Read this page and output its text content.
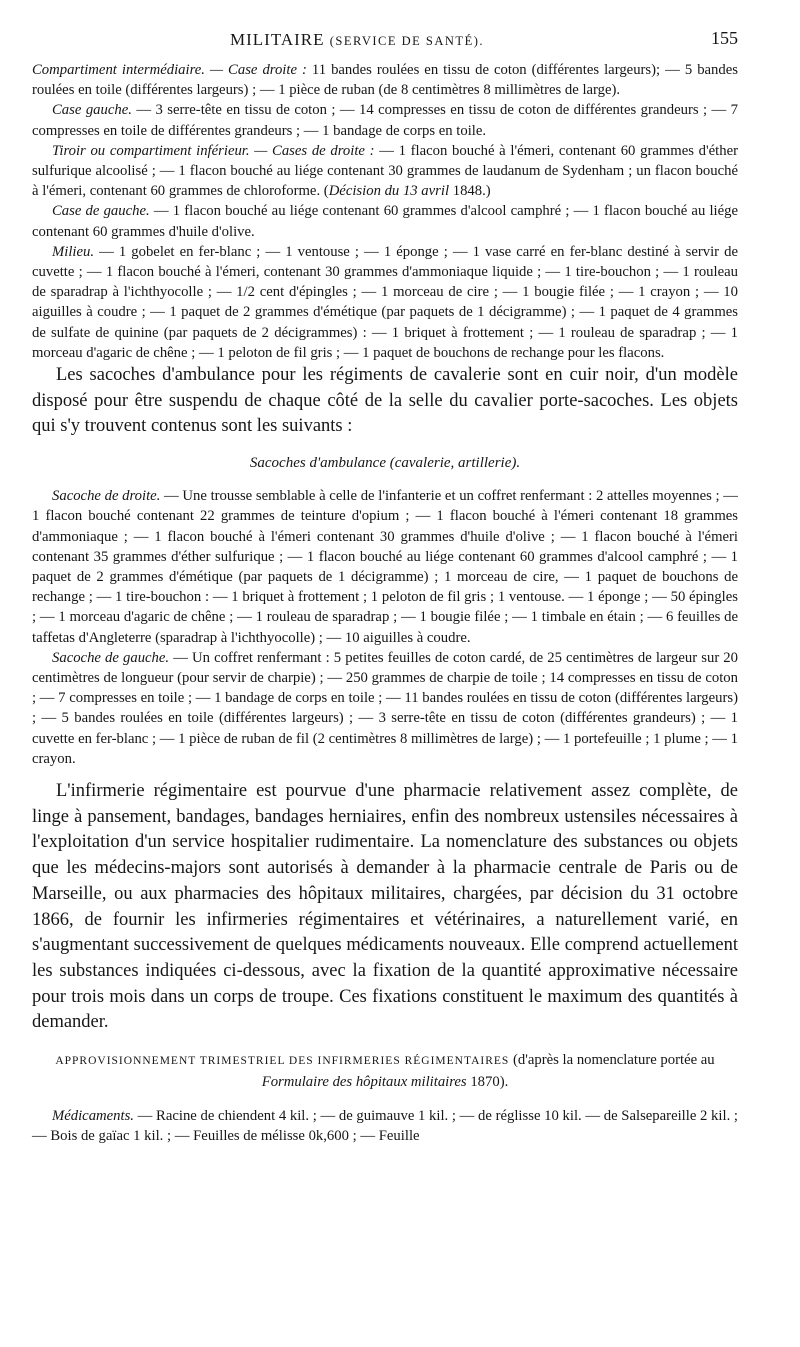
MILITAIRE (SERVICE DE SANTÉ).	155

Compartiment intermédiaire. — Case droite : 11 bandes roulées en tissu de coton (différentes largeurs); — 5 bandes roulées en toile (différentes largeurs) ; — 1 pièce de ruban (de 8 centimètres 8 millimètres de large).

Case gauche. — 3 serre-tête en tissu de coton ; — 14 compresses en tissu de coton de différentes grandeurs ; — 7 compresses en toile de différentes grandeurs ; — 1 bandage de corps en toile.

Tiroir ou compartiment inférieur. — Cases de droite : — 1 flacon bouché à l'émeri, contenant 60 grammes d'éther sulfurique alcoolisé ; — 1 flacon bouché au liége contenant 30 grammes de laudanum de Sydenham ; un flacon bouché à l'émeri, contenant 60 grammes de chloroforme. (Décision du 13 avril 1848.)

Case de gauche. — 1 flacon bouché au liége contenant 60 grammes d'alcool camphré ; — 1 flacon bouché au liége contenant 60 grammes d'huile d'olive.

Milieu. — 1 gobelet en fer-blanc ; — 1 ventouse ; — 1 éponge ; — 1 vase carré en fer-blanc destiné à servir de cuvette ; — 1 flacon bouché à l'émeri, contenant 30 grammes d'ammoniaque liquide ; — 1 tire-bouchon ; — 1 rouleau de sparadrap à l'ichthyocolle ; — 1/2 cent d'épingles ; — 1 morceau de cire ; — 1 bougie filée ; — 1 crayon ; — 10 aiguilles à coudre ; — 1 paquet de 2 grammes d'émétique (par paquets de 1 décigramme) ; — 1 paquet de 4 grammes de sulfate de quinine (par paquets de 2 décigrammes) : — 1 briquet à frottement ; — 1 rouleau de sparadrap ; — 1 morceau d'agaric de chêne ; — 1 peloton de fil gris ; — 1 paquet de bouchons de rechange pour les flacons.

Les sacoches d'ambulance pour les régiments de cavalerie sont en cuir noir, d'un modèle disposé pour être suspendu de chaque côté de la selle du cavalier porte-sacoches. Les objets qui s'y trouvent contenus sont les suivants :

Sacoches d'ambulance (cavalerie, artillerie).

Sacoche de droite. — Une trousse semblable à celle de l'infanterie et un coffret renfermant : 2 attelles moyennes ; — 1 flacon bouché contenant 22 grammes de teinture d'opium ; — 1 flacon bouché à l'émeri contenant 18 grammes d'ammoniaque ; — 1 flacon bouché à l'émeri contenant 30 grammes d'huile d'olive ; — 1 flacon bouché à l'émeri contenant 35 grammes d'éther sulfurique ; — 1 flacon bouché au liége contenant 60 grammes d'alcool camphré ; — 1 paquet de 2 grammes d'émétique (par paquets de 1 décigramme) ; 1 morceau de cire, — 1 paquet de bouchons de rechange ; — 1 tire-bouchon : — 1 briquet à frottement ; 1 peloton de fil gris ; 1 ventouse. — 1 éponge ; — 50 épingles ; — 1 morceau d'agaric de chêne ; — 1 rouleau de sparadrap ; — 1 bougie filée ; — 1 timbale en étain ; — 6 feuilles de taffetas d'Angleterre (sparadrap à l'ichthyocolle) ; — 10 aiguilles à coudre.

Sacoche de gauche. — Un coffret renfermant : 5 petites feuilles de coton cardé, de 25 centimètres de largeur sur 20 centimètres de longueur (pour servir de charpie) ; — 250 grammes de charpie de toile ; 14 compresses en tissu de coton ; — 7 compresses en toile ; — 1 bandage de corps en toile ; — 11 bandes roulées en tissu de coton (différentes largeurs) ; — 5 bandes roulées en toile (différentes largeurs) ; — 3 serre-tête en tissu de coton (différentes grandeurs) ; — 1 cuvette en fer-blanc ; — 1 pièce de ruban de fil (2 centimètres 8 millimètres de large) ; — 1 portefeuille ; 1 plume ; — 1 crayon.

L'infirmerie régimentaire est pourvue d'une pharmacie relativement assez complète, de linge à pansement, bandages, bandages herniaires, enfin des nombreux ustensiles nécessaires à l'exploitation d'un service hospitalier rudimentaire. La nomenclature des substances ou objets que les médecins-majors sont autorisés à demander à la pharmacie centrale de Paris ou de Marseille, ou aux pharmacies des hôpitaux militaires, chargées, par décision du 31 octobre 1866, de fournir les infirmeries régimentaires et vétérinaires, a naturellement varié, en s'augmentant successivement de quelques médicaments nouveaux. Elle comprend actuellement les substances indiquées ci-dessous, avec la fixation de la quantité approximative nécessaire pour trois mois dans un corps de troupe. Ces fixations constituent le maximum des quantités à demander.

APPROVISIONNEMENT TRIMESTRIEL DES INFIRMERIES RÉGIMENTAIRES (d'après la nomenclature portée au
Formulaire des hôpitaux militaires 1870).

Médicaments. — Racine de chiendent 4 kil. ; — de guimauve 1 kil. ; — de réglisse 10 kil. — de Salsepareille 2 kil. ; — Bois de gaïac 1 kil. ; — Feuilles de mélisse 0k,600 ; — Feuille
